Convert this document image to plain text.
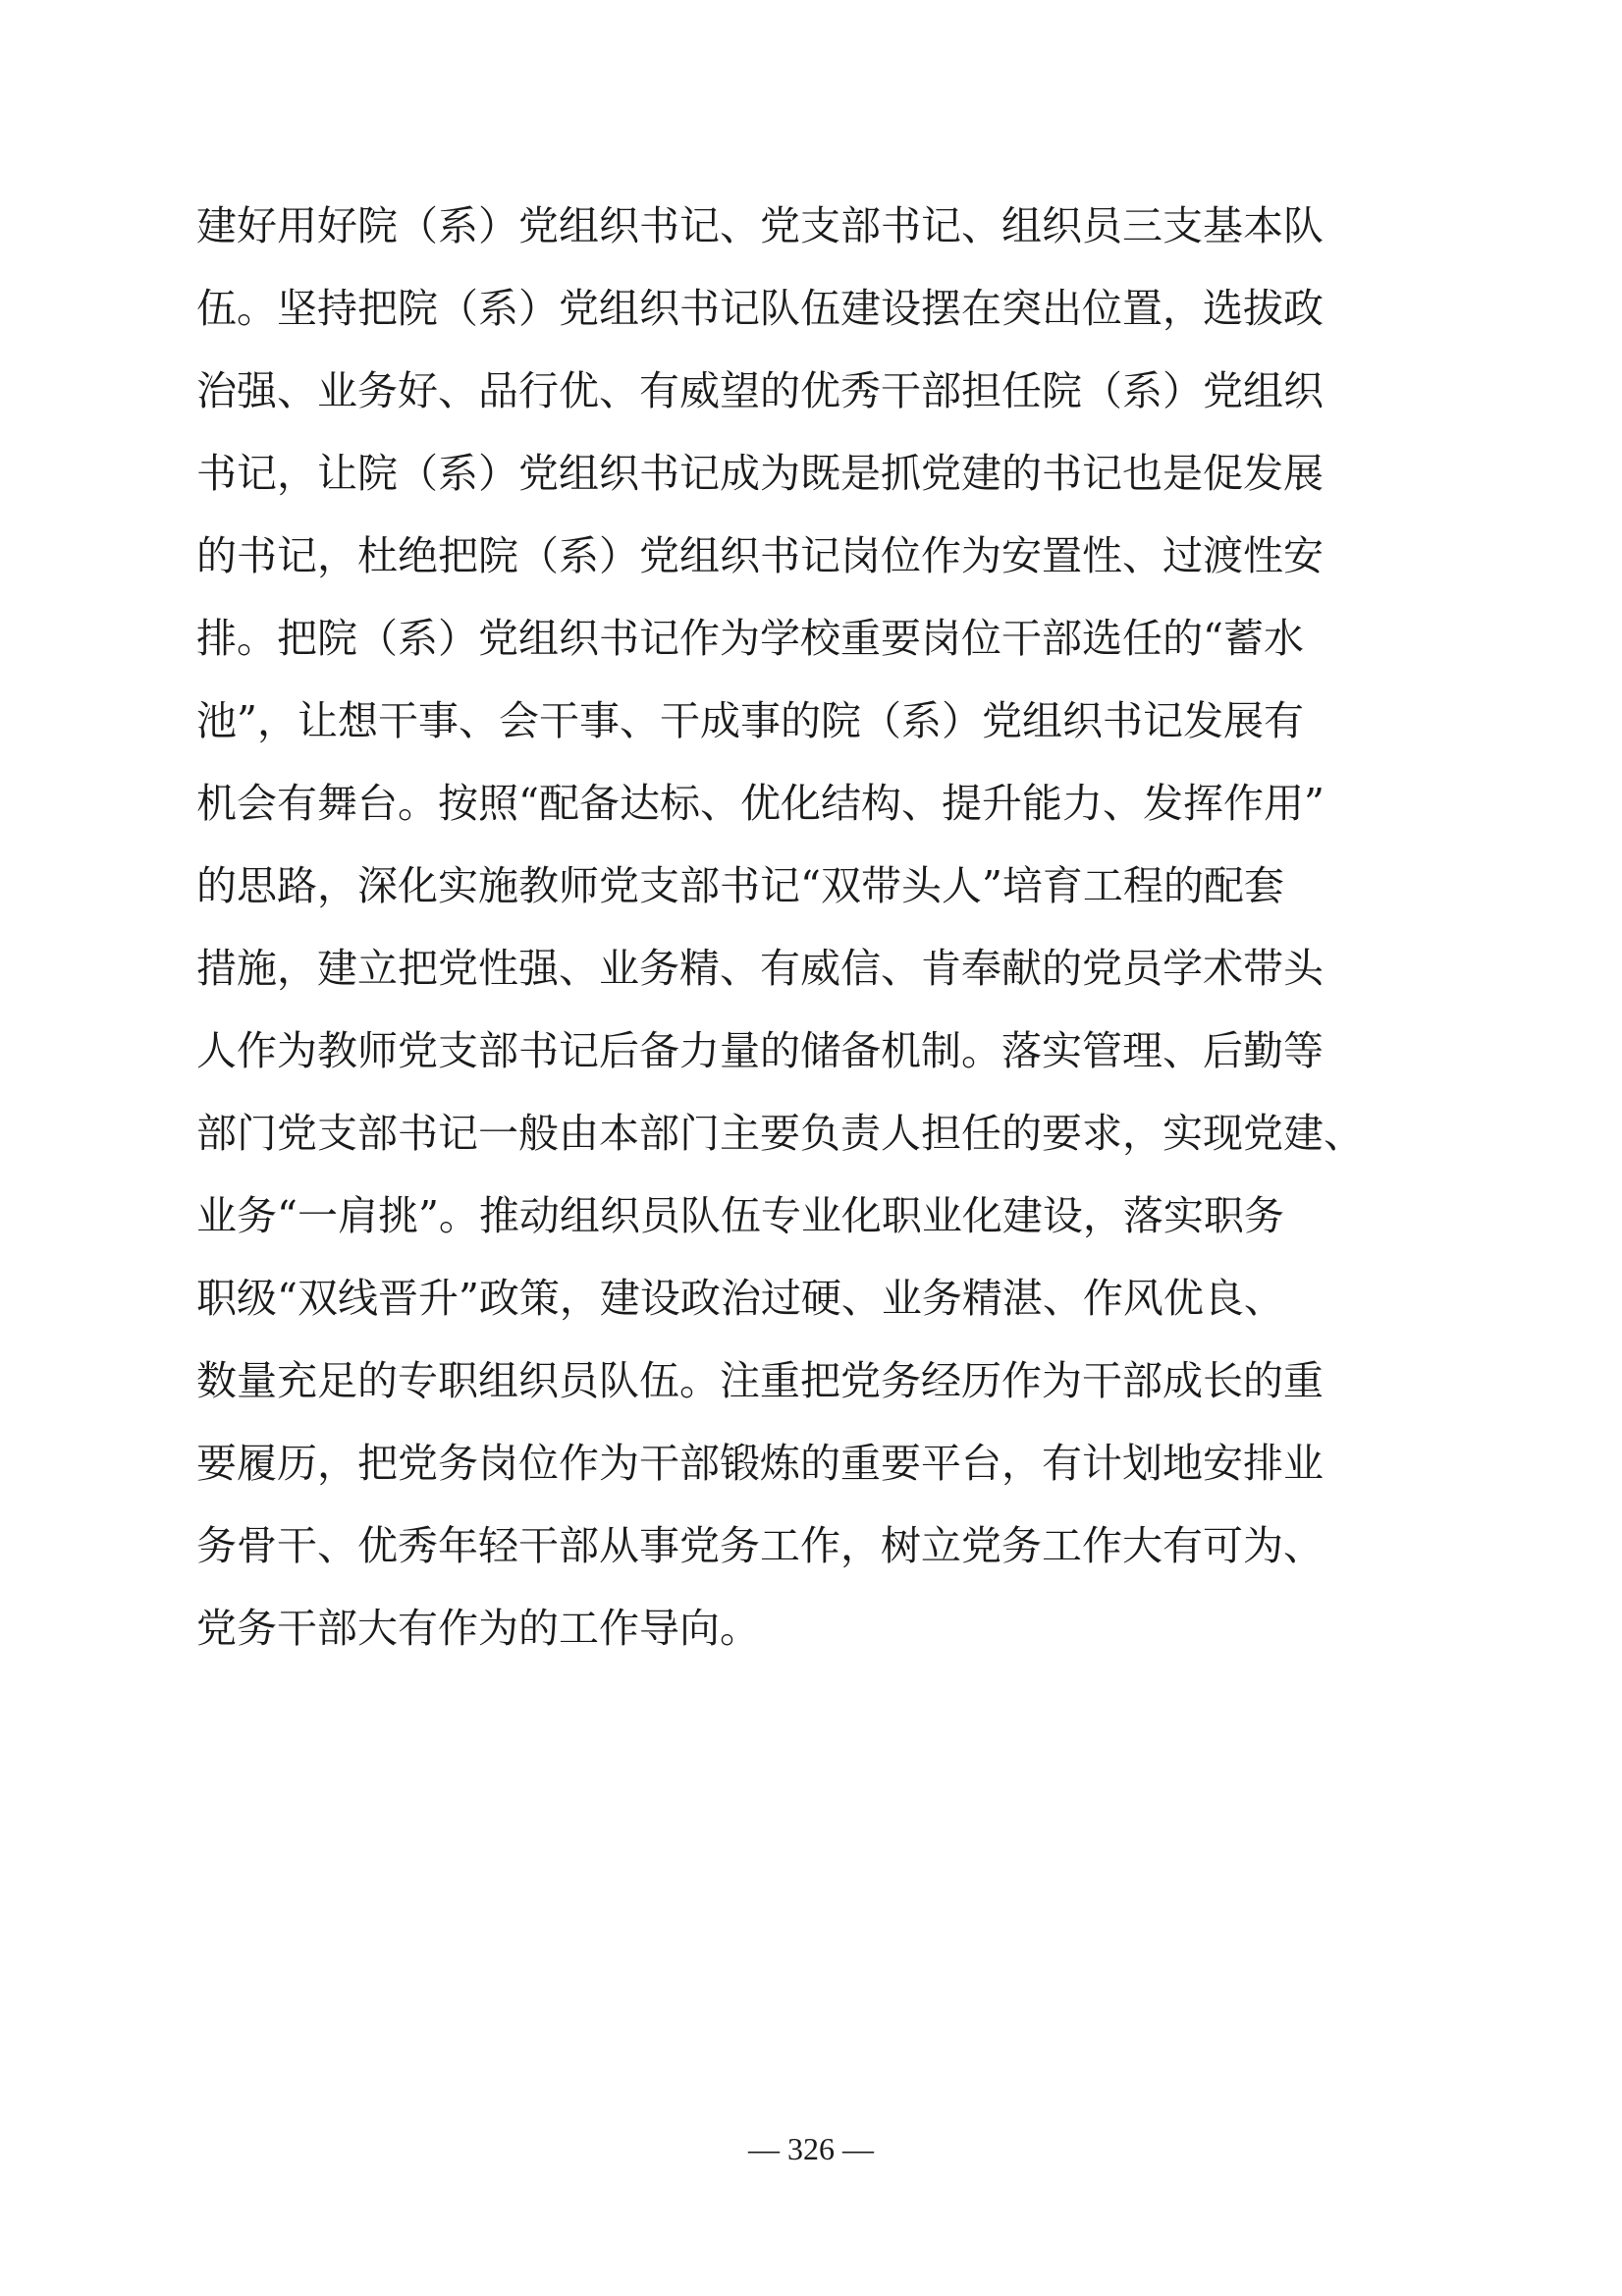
建好用好院（系）党组织书记、党支部书记、组织员三支基本队
伍。坚持把院（系）党组织书记队伍建设摆在突出位置，选拔政
治强、业务好、品行优、有威望的优秀干部担任院（系）党组织
书记，让院（系）党组织书记成为既是抓党建的书记也是促发展
的书记，杜绝把院（系）党组织书记岗位作为安置性、过渡性安
排。把院（系）党组织书记作为学校重要岗位干部选任的“蓄水
池”，让想干事、会干事、干成事的院（系）党组织书记发展有
机会有舞台。按照“配备达标、优化结构、提升能力、发挥作用”
的思路，深化实施教师党支部书记“双带头人”培育工程的配套
措施，建立把党性强、业务精、有威信、肯奉献的党员学术带头
人作为教师党支部书记后备力量的储备机制。落实管理、后勤等
部门党支部书记一般由本部门主要负责人担任的要求，实现党建、
业务“一肩挑”。推动组织员队伍专业化职业化建设，落实职务
职级“双线晋升”政策，建设政治过硬、业务精湛、作风优良、
数量充足的专职组织员队伍。注重把党务经历作为干部成长的重
要履历，把党务岗位作为干部锻炼的重要平台，有计划地安排业
务骨干、优秀年轻干部从事党务工作，树立党务工作大有可为、
党务干部大有作为的工作导向。
— 326 —
